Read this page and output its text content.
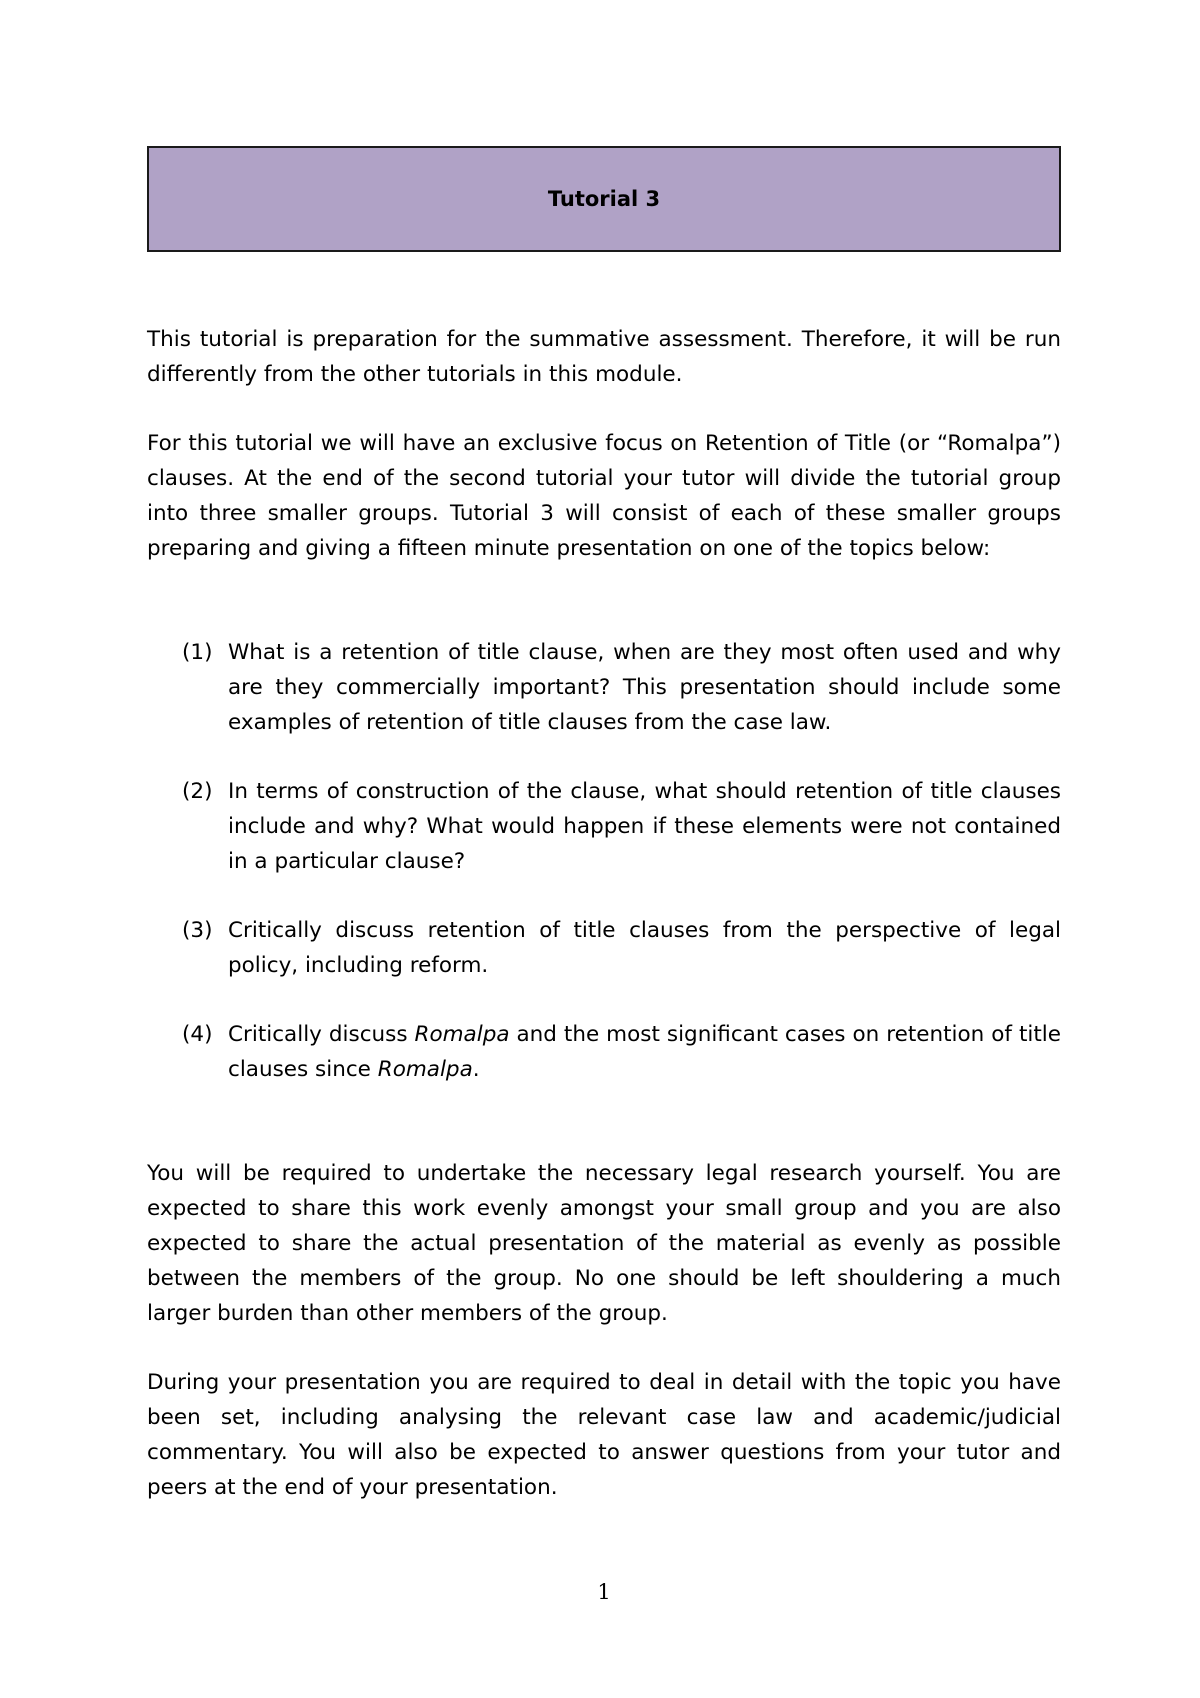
Tutorial 3

This tutorial is preparation for the summative assessment. Therefore, it will be run differently from the other tutorials in this module.

For this tutorial we will have an exclusive focus on Retention of Title (or “Romalpa”) clauses. At the end of the second tutorial your tutor will divide the tutorial group into three smaller groups. Tutorial 3 will consist of each of these smaller groups preparing and giving a fifteen minute presentation on one of the topics below:

(1) What is a retention of title clause, when are they most often used and why are they commercially important? This presentation should include some examples of retention of title clauses from the case law.
(2) In terms of construction of the clause, what should retention of title clauses include and why? What would happen if these elements were not contained in a particular clause?
(3) Critically discuss retention of title clauses from the perspective of legal policy, including reform.
(4) Critically discuss Romalpa and the most significant cases on retention of title clauses since Romalpa.

You will be required to undertake the necessary legal research yourself. You are expected to share this work evenly amongst your small group and you are also expected to share the actual presentation of the material as evenly as possible between the members of the group. No one should be left shouldering a much larger burden than other members of the group.

During your presentation you are required to deal in detail with the topic you have been set, including analysing the relevant case law and academic/judicial commentary. You will also be expected to answer questions from your tutor and peers at the end of your presentation.

1
